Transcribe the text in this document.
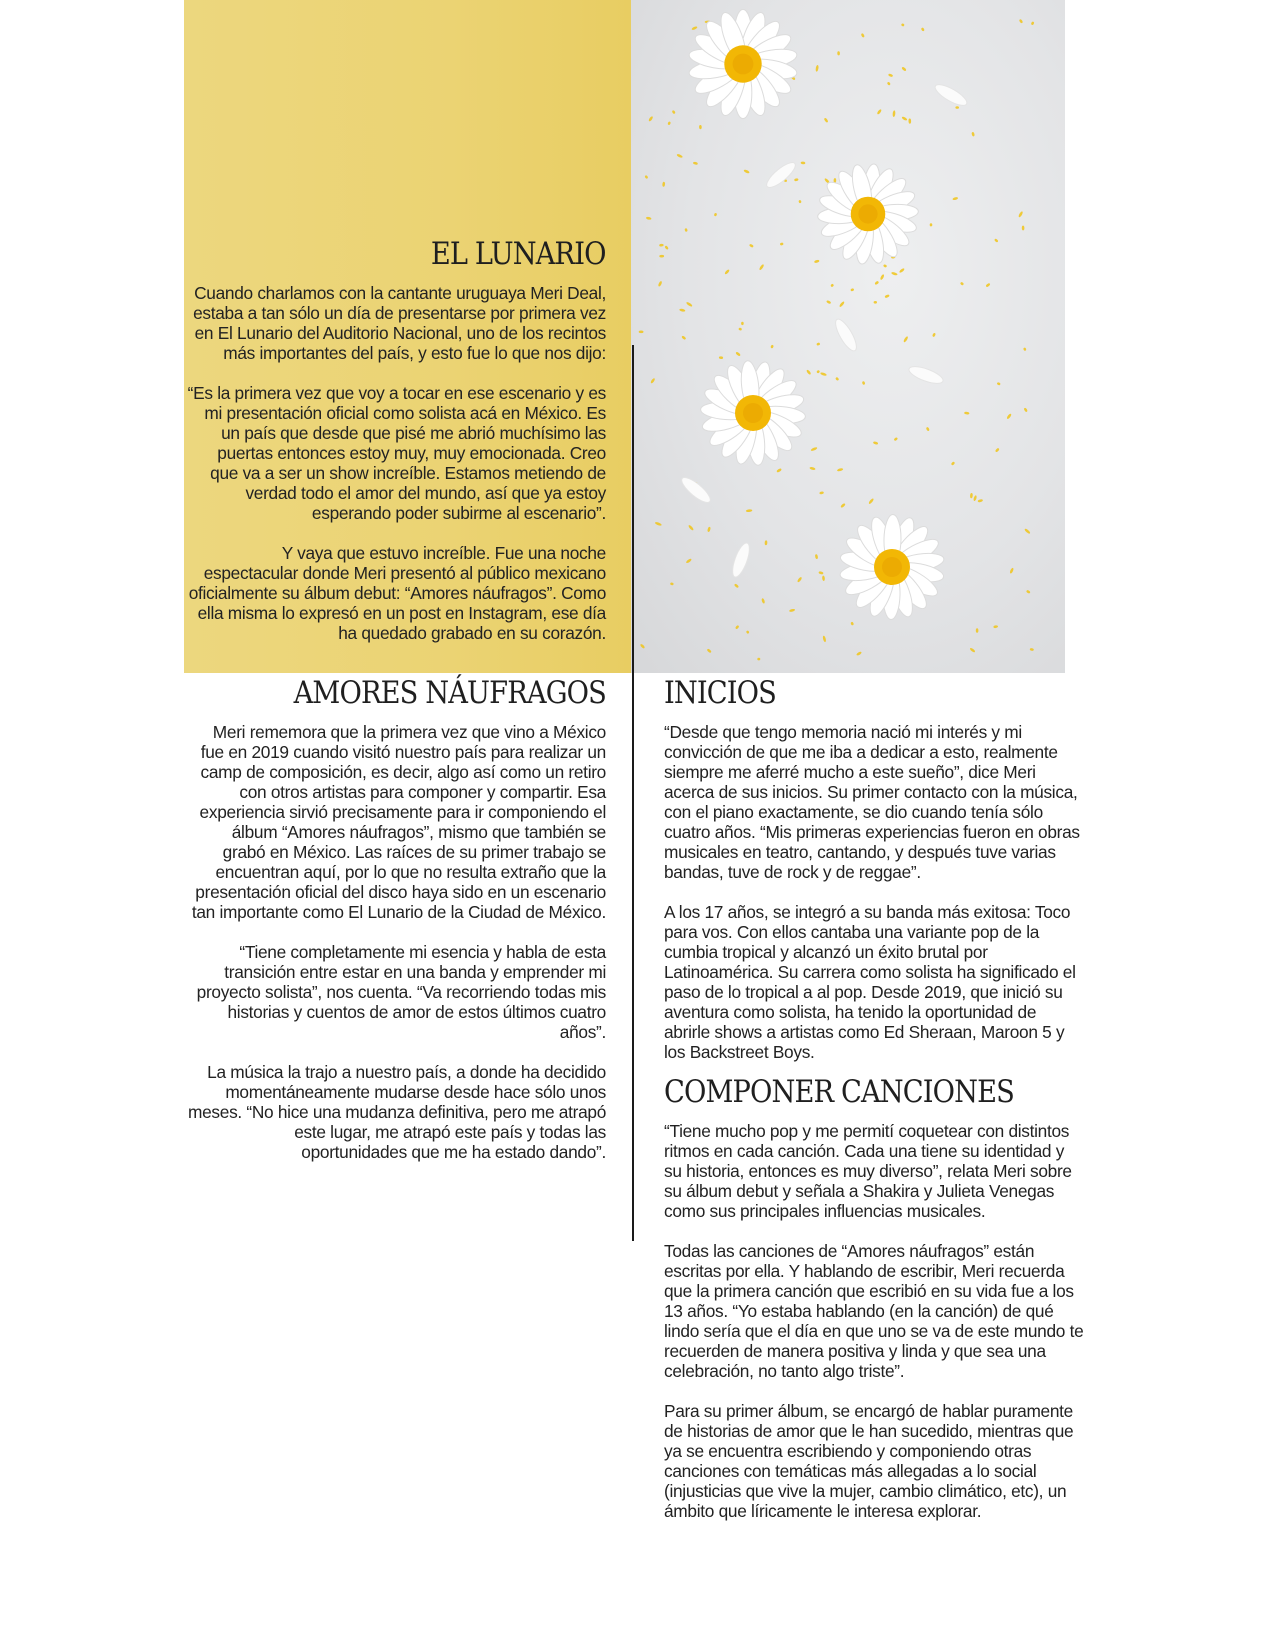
EL LUNARIO

Cuando charlamos con la cantante uruguaya Meri Deal, estaba a tan sólo un día de presentarse por primera vez en El Lunario del Auditorio Nacional, uno de los recintos más importantes del país, y esto fue lo que nos dijo:

“Es la primera vez que voy a tocar en ese escenario y es mi presentación oficial como solista acá en México. Es un país que desde que pisé me abrió muchísimo las puertas entonces estoy muy, muy emocionada. Creo que va a ser un show increíble. Estamos metiendo de verdad todo el amor del mundo, así que ya estoy esperando poder subirme al escenario”.

Y vaya que estuvo increíble. Fue una noche espectacular donde Meri presentó al público mexicano oficialmente su álbum debut: “Amores náufragos”. Como ella misma lo expresó en un post en Instagram, ese día ha quedado grabado en su corazón.

AMORES NÁUFRAGOS

Meri rememora que la primera vez que vino a México fue en 2019 cuando visitó nuestro país para realizar un camp de composición, es decir, algo así como un retiro con otros artistas para componer y compartir. Esa experiencia sirvió precisamente para ir componiendo el álbum “Amores náufragos”, mismo que también se grabó en México. Las raíces de su primer trabajo se encuentran aquí, por lo que no resulta extraño que la presentación oficial del disco haya sido en un escenario tan importante como El Lunario de la Ciudad de México.

“Tiene completamente mi esencia y habla de esta transición entre estar en una banda y emprender mi proyecto solista”, nos cuenta. “Va recorriendo todas mis historias y cuentos de amor de estos últimos cuatro años”.

La música la trajo a nuestro país, a donde ha decidido momentáneamente mudarse desde hace sólo unos meses. “No hice una mudanza definitiva, pero me atrapó este lugar, me atrapó este país y todas las oportunidades que me ha estado dando”.

INICIOS

“Desde que tengo memoria nació mi interés y mi convicción de que me iba a dedicar a esto, realmente siempre me aferré mucho a este sueño”, dice Meri acerca de sus inicios. Su primer contacto con la música, con el piano exactamente, se dio cuando tenía sólo cuatro años. “Mis primeras experiencias fueron en obras musicales en teatro, cantando, y después tuve varias bandas, tuve de rock y de reggae”.

A los 17 años, se integró a su banda más exitosa: Toco para vos. Con ellos cantaba una variante pop de la cumbia tropical y alcanzó un éxito brutal por Latinoamérica. Su carrera como solista ha significado el paso de lo tropical a al pop. Desde 2019, que inició su aventura como solista, ha tenido la oportunidad de abrirle shows a artistas como Ed Sheraan, Maroon 5 y los Backstreet Boys.

COMPONER CANCIONES

“Tiene mucho pop y me permití coquetear con distintos ritmos en cada canción. Cada una tiene su identidad y su historia, entonces es muy diverso”, relata Meri sobre su álbum debut y señala a Shakira y Julieta Venegas como sus principales influencias musicales.

Todas las canciones de “Amores náufragos” están escritas por ella. Y hablando de escribir, Meri recuerda que la primera canción que escribió en su vida fue a los 13 años. “Yo estaba hablando (en la canción) de qué lindo sería que el día en que uno se va de este mundo te recuerden de manera positiva y linda y que sea una celebración, no tanto algo triste”.

Para su primer álbum, se encargó de hablar puramente de historias de amor que le han sucedido, mientras que ya se encuentra escribiendo y componiendo otras canciones con temáticas más allegadas a lo social (injusticias que vive la mujer, cambio climático, etc), un ámbito que líricamente le interesa explorar.
